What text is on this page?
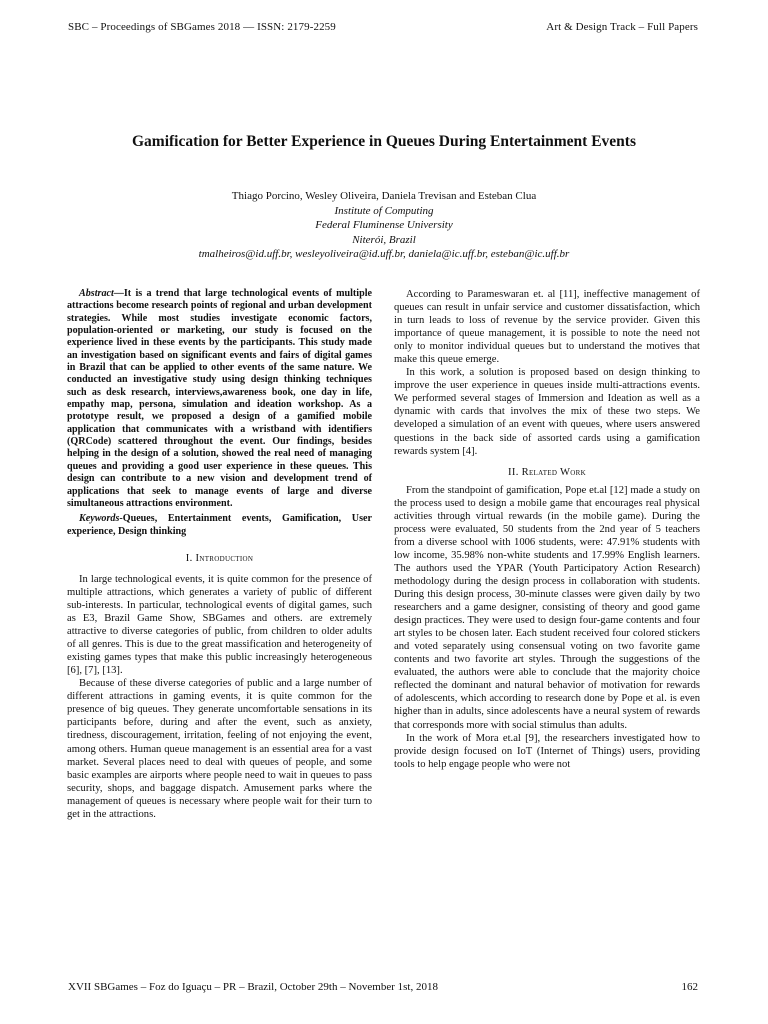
SBC – Proceedings of SBGames 2018 — ISSN: 2179-2259	Art & Design Track – Full Papers
Gamification for Better Experience in Queues During Entertainment Events
Thiago Porcino, Wesley Oliveira, Daniela Trevisan and Esteban Clua
Institute of Computing
Federal Fluminense University
Niterói, Brazil
tmalheiros@id.uff.br, wesleyoliveira@id.uff.br, daniela@ic.uff.br, esteban@ic.uff.br

Abstract—It is a trend that large technological events of multiple attractions become research points of regional and urban development strategies. While most studies investigate economic factors, population-oriented or marketing, our study is focused on the experience lived in these events by the participants. This study made an investigation based on significant events and fairs of digital games in Brazil that can be applied to other events of the same nature. We conducted an investigative study using design thinking techniques such as desk research, interviews,awareness book, one day in life, empathy map, persona, simulation and ideation workshop. As a prototype result, we proposed a design of a gamified mobile application that communicates with a wristband with identifiers (QRCode) scattered throughout the event. Our findings, besides helping in the design of a solution, showed the real need of managing queues and providing a good user experience in these queues. This design can contribute to a new vision and development trend of applications that seek to manage events of large and diverse simultaneous attractions environment.

Keywords-Queues, Entertainment events, Gamification, User experience, Design thinking

I. Introduction

In large technological events, it is quite common for the presence of multiple attractions, which generates a variety of public of different sub-interests. In particular, technological events of digital games, such as E3, Brazil Game Show, SBGames and others. are extremely attractive to diverse categories of public, from children to older adults of all genres. This is due to the great massification and heterogeneity of existing games types that make this public increasingly heterogeneous [6], [7], [13].

Because of these diverse categories of public and a large number of different attractions in gaming events, it is quite common for the presence of big queues. They generate uncomfortable sensations in its participants before, during and after the event, such as anxiety, tiredness, discouragement, irritation, feeling of not enjoying the event, among others. Human queue management is an essential area for a vast market. Several places need to deal with queues of people, and some basic examples are airports where people need to wait in queues to pass security, shops, and baggage dispatch. Amusement parks where the management of queues is necessary where people wait for their turn to get in the attractions.

According to Parameswaran et. al [11], ineffective management of queues can result in unfair service and customer dissatisfaction, which in turn leads to loss of revenue by the service provider. Given this importance of queue management, it is possible to note the need not only to monitor individual queues but to understand the motives that make this queue emerge.

In this work, a solution is proposed based on design thinking to improve the user experience in queues inside multi-attractions events. We performed several stages of Immersion and Ideation as well as a dynamic with cards that involves the mix of these two steps. We developed a simulation of an event with queues, where users answered questions in the back side of assorted cards using a gamification rewards system [4].

II. Related Work

From the standpoint of gamification, Pope et.al [12] made a study on the process used to design a mobile game that encourages real physical activities through virtual rewards (in the mobile game). During the process were evaluated, 50 students from the 2nd year of 5 teachers from a diverse school with 1006 students, were: 47.91% students with low income, 35.98% non-white students and 17.99% English learners. The authors used the YPAR (Youth Participatory Action Research) methodology during the design process in collaboration with students. During this design process, 30-minute classes were given daily by two researchers and a game designer, consisting of theory and good game design practices. They were used to design four-game contents and four art styles to be chosen later. Each student received four colored stickers and voted separately using consensual voting on two favorite game contents and two favorite art styles. Through the suggestions of the evaluated, the authors were able to conclude that the majority choice reflected the dominant and natural behavior of motivation for rewards of adolescents, which according to research done by Pope et al. is even higher than in adults, since adolescents have a neural system of rewards that corresponds more with social stimulus than adults.

In the work of Mora et.al [9], the researchers investigated how to provide design focused on IoT (Internet of Things) users, providing tools to help engage people who were not

XVII SBGames – Foz do Iguaçu – PR – Brazil, October 29th – November 1st, 2018	162
